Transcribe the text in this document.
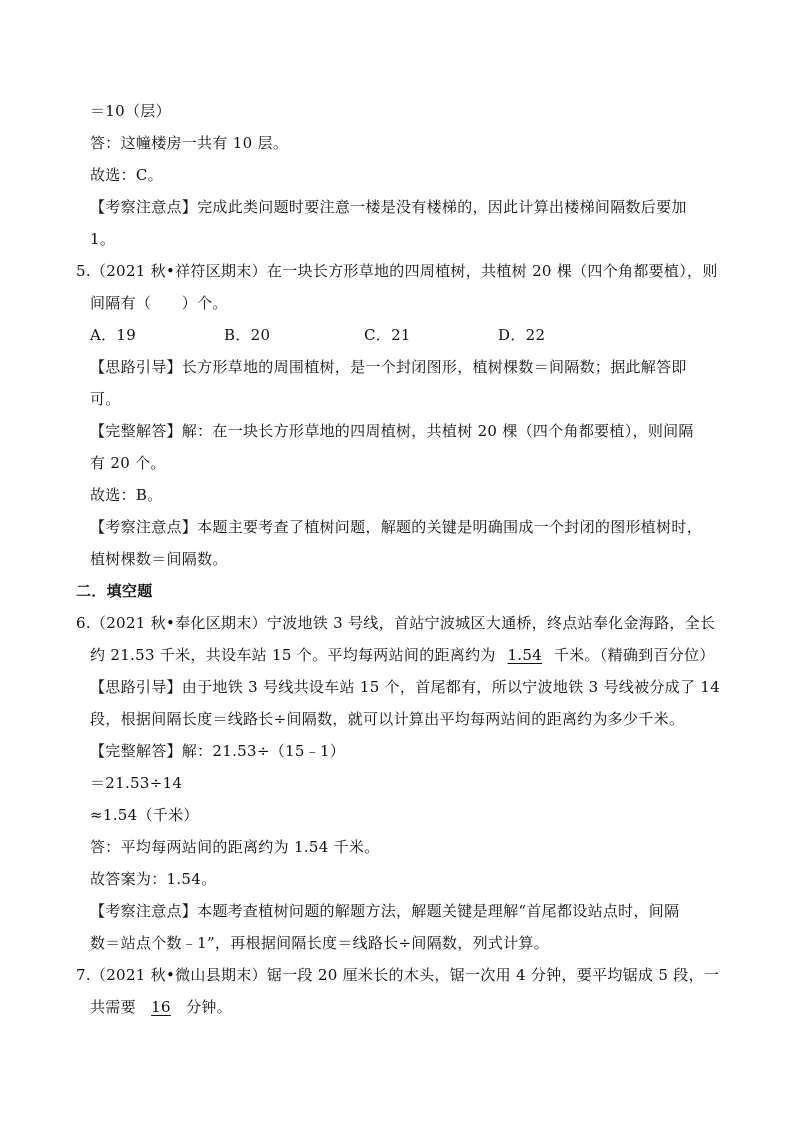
＝10（层）
答：这幢楼房一共有 10 层。
故选：C。
【考察注意点】完成此类问题时要注意一楼是没有楼梯的，因此计算出楼梯间隔数后要加
1。
5.（2021 秋•祥符区期末）在一块长方形草地的四周植树，共植树 20 棵（四个角都要植），则
间隔有（　　）个。
A．19	B．20	C．21	D．22
【思路引导】长方形草地的周围植树，是一个封闭图形，植树棵数＝间隔数；据此解答即
可。
【完整解答】解：在一块长方形草地的四周植树，共植树 20 棵（四个角都要植），则间隔
有 20 个。
故选：B。
【考察注意点】本题主要考查了植树问题，解题的关键是明确围成一个封闭的图形植树时，
植树棵数＝间隔数。
二．填空题
6.（2021 秋•奉化区期末）宁波地铁 3 号线，首站宁波城区大通桥，终点站奉化金海路，全长
约 21.53 千米，共设车站 15 个。平均每两站间的距离约为 1.54 千米。（精确到百分位）
【思路引导】由于地铁 3 号线共设车站 15 个，首尾都有，所以宁波地铁 3 号线被分成了 14
段，根据间隔长度＝线路长÷间隔数，就可以计算出平均每两站间的距离约为多少千米。
【完整解答】解：21.53÷（15﹣1）
＝21.53÷14
≈1.54（千米）
答：平均每两站间的距离约为 1.54 千米。
故答案为：1.54。
【考察注意点】本题考查植树问题的解题方法，解题关键是理解“首尾都设站点时，间隔
数＝站点个数﹣1”，再根据间隔长度＝线路长÷间隔数，列式计算。
7.（2021 秋•微山县期末）锯一段 20 厘米长的木头，锯一次用 4 分钟，要平均锯成 5 段，一
共需要 16 分钟。
